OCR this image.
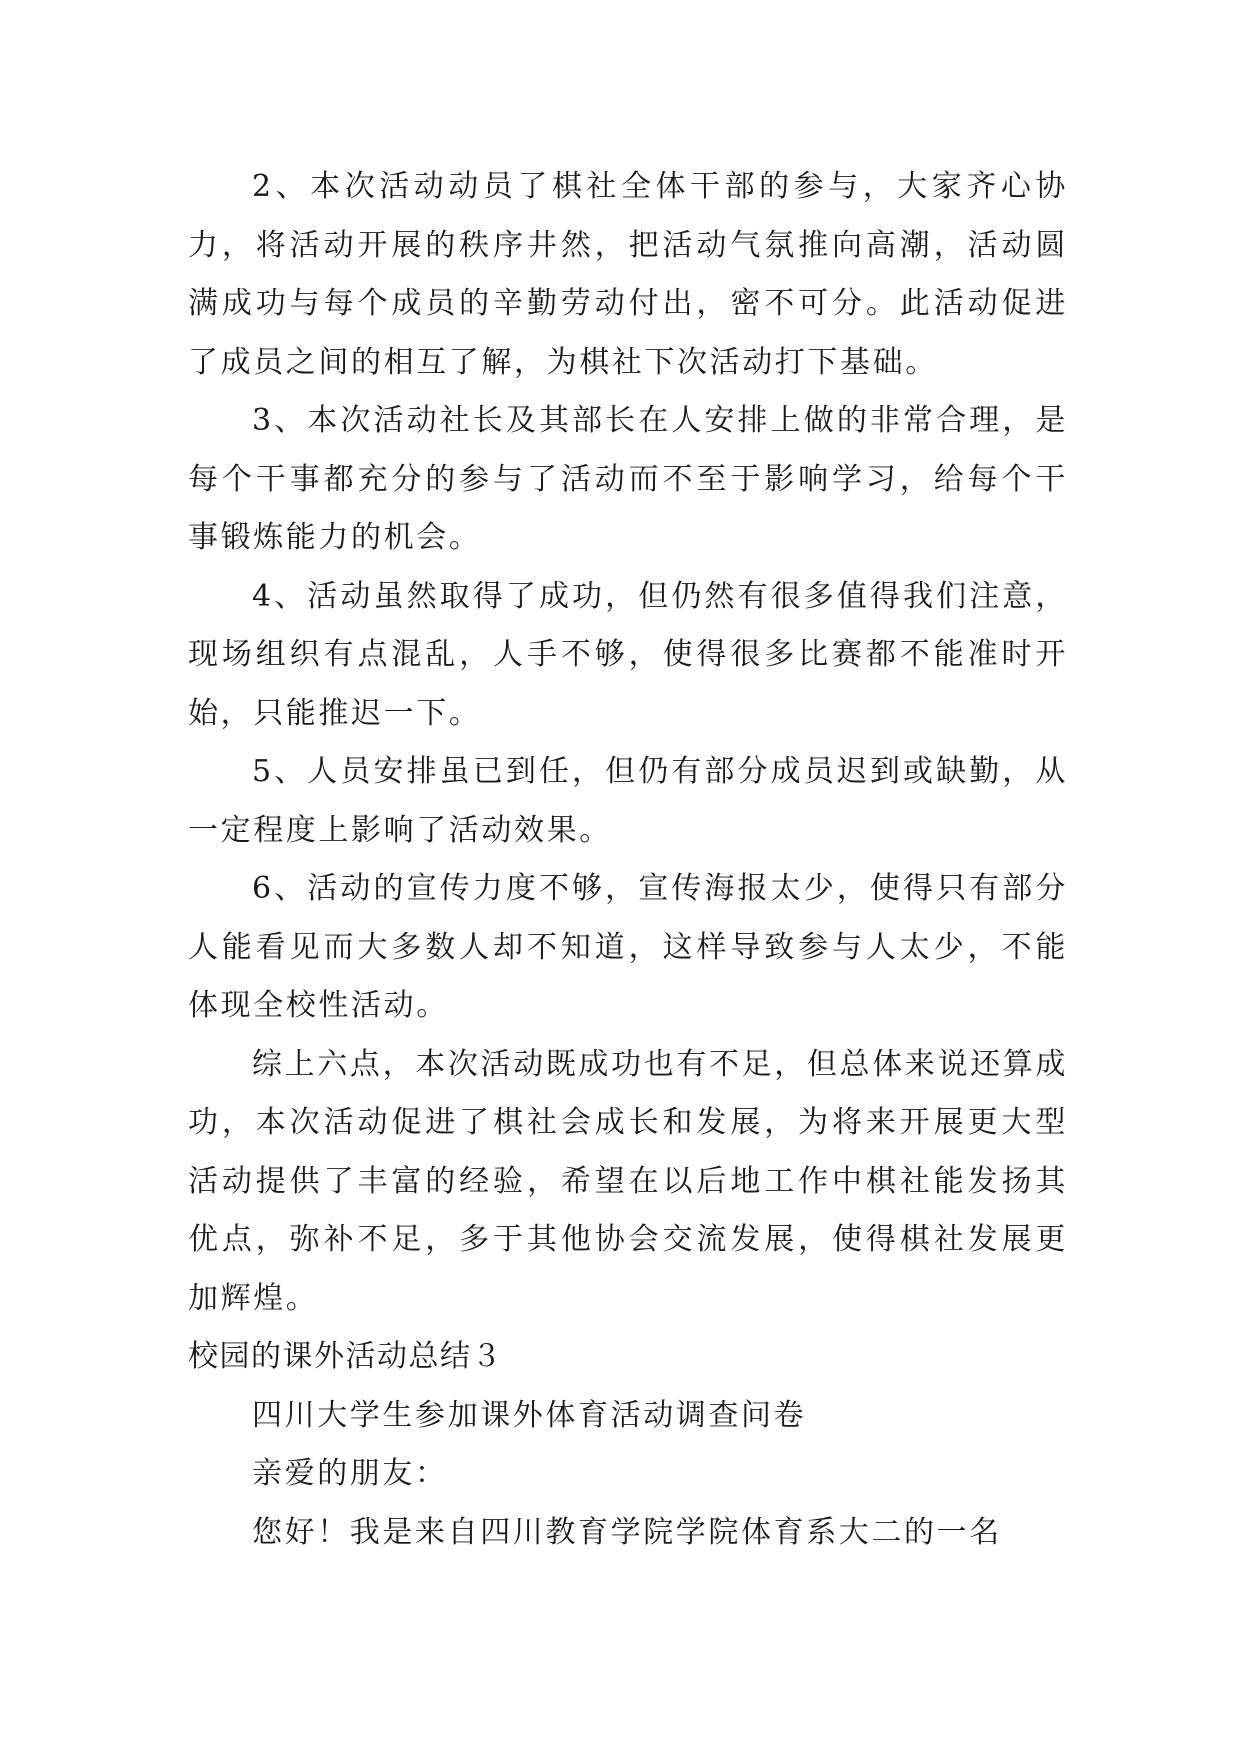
2、本次活动动员了棋社全体干部的参与，大家齐心协力，将活动开展的秩序井然，把活动气氛推向高潮，活动圆满成功与每个成员的辛勤劳动付出，密不可分。此活动促进了成员之间的相互了解，为棋社下次活动打下基础。

3、本次活动社长及其部长在人安排上做的非常合理，是每个干事都充分的参与了活动而不至于影响学习，给每个干事锻炼能力的机会。

4、活动虽然取得了成功，但仍然有很多值得我们注意，现场组织有点混乱，人手不够，使得很多比赛都不能准时开始，只能推迟一下。

5、人员安排虽已到任，但仍有部分成员迟到或缺勤，从一定程度上影响了活动效果。

6、活动的宣传力度不够，宣传海报太少，使得只有部分人能看见而大多数人却不知道，这样导致参与人太少，不能体现全校性活动。

综上六点，本次活动既成功也有不足，但总体来说还算成功，本次活动促进了棋社会成长和发展，为将来开展更大型活动提供了丰富的经验，希望在以后地工作中棋社能发扬其优点，弥补不足，多于其他协会交流发展，使得棋社发展更加辉煌。

校园的课外活动总结３

四川大学生参加课外体育活动调查问卷

亲爱的朋友：

您好！我是来自四川教育学院学院体育系大二的一名
